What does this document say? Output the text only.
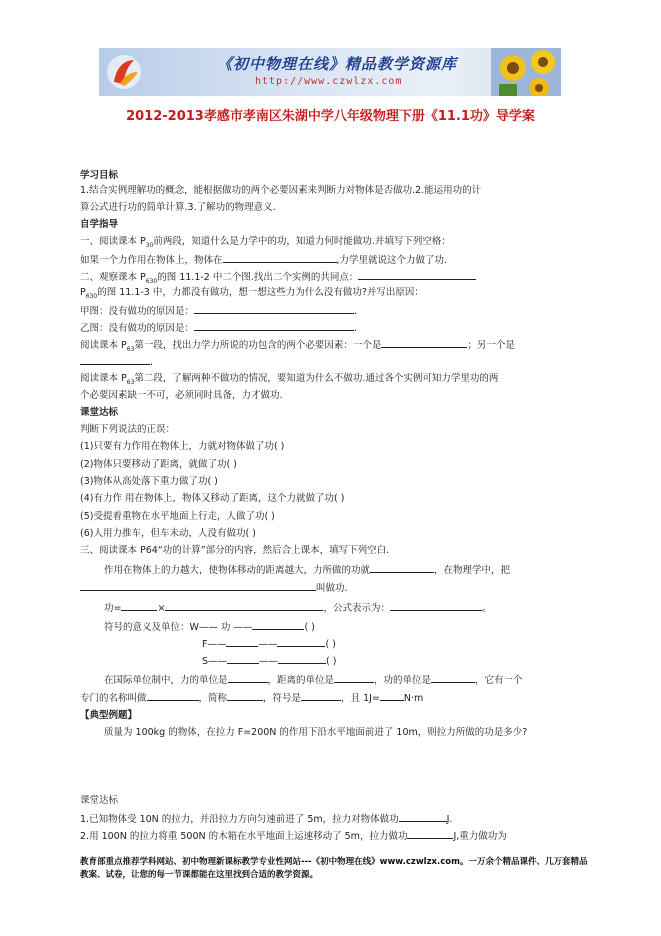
《初中物理在线》精品教学资源库
http://www.czwlzx.com
2012-2013孝感市孝南区朱湖中学八年级物理下册《11.1功》导学案
学习目标
1.结合实例理解功的概念，能根据做功的两个必要因素来判断力对物体是否做功.2.能运用功的计
算公式进行功的简单计算.3.了解功的物理意义.
自学指导
一、阅读课本 $P_{30}$前两段，知道什么是力学中的功，知道力何时能做功.并填写下列空格：
如果一个力作用在物体上，物体在	,力学里就说这个力做了功.
二、观察课本 $P_{630}$的图 11.1-2 中二个图.找出二个实例的共同点：
$P_{630}$的图 11.1-3 中，力都没有做功，想一想这些力为什么没有做功?并写出原因：
甲图：没有做功的原因是：	.
乙图：没有做功的原因是：	.
阅读课本 $P_{63}$第一段，找出力学力所说的功包含的两个必要因素：一个是	；另一个是
.
阅读课本 $P_{63}$第二段，了解两种不做功的情况，要知道为什么不做功.通过各个实例可知力学里功的两
个必要因素缺一不可，必须同时具备，力才做功.
课堂达标
判断下列说法的正误：
(1)只要有力作用在物体上，力就对物体做了功( )
(2)物体只要移动了距离，就做了功( )
(3)物体从高处落下重力做了功( )
(4)有力作 用在物体上，物体又移动了距离，这个力就做了功( )
(5)受提着重物在水平地面上行走，人做了功( )
(6)人用力推车，但车未动，人没有做功( )
三、阅读课本 P64“功的计算”部分的内容，然后合上课本，填写下列空白.
作用在物体上的力越大，使物体移动的距离越大，力所做的功就	，在物理学中，把
叫做功.
功=	×	，公式表示为：	。
符号的意义及单位：W—— 功 ——	( )
F——	——	( )
S——	——	( )
在国际单位制中，力的单位是	，距离的单位是	，功的单位是	，它有一个
专门的名称叫做	，简称	，符号是	，且 1J=	N·m
【典型例题】
质量为 100kg 的物体，在拉力 F=200N 的作用下沿水平地面前进了 10m，则拉力所做的功是多少?
课堂达标
1.已知物体受 10N 的拉力，并沿拉力方向匀速前进了 5m，拉力对物体做功	J.
2.用 100N 的拉力将重 500N 的木箱在水平地面上运速移动了 5m，拉力做功	J,重力做功为
教育部重点推荐学科网站、初中物理新课标教学专业性网站---《初中物理在线》www.czwlzx.com。一万余个精品课件、几万套精品教案、试卷，让您的每一节课都能在这里找到合适的教学资源。
